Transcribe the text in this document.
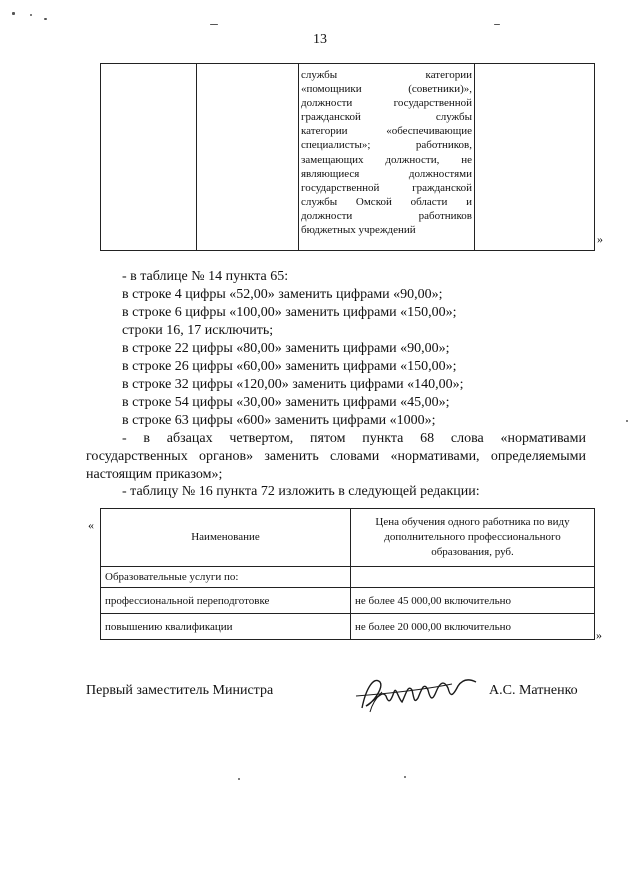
13

службы категории
«помощники (советники)»,
должности государственной
гражданской службы
категории «обеспечивающие
специалисты»; работников,
замещающих должности, не
являющиеся должностями
государственной гражданской
службы Омской области и
должности работников
бюджетных учреждений

»
- в таблице № 14 пункта 65:
в строке 4 цифры «52,00» заменить цифрами «90,00»;
в строке 6 цифры «100,00» заменить цифрами «150,00»;
строки 16, 17 исключить;
в строке 22 цифры «80,00» заменить цифрами «90,00»;
в строке 26 цифры «60,00» заменить цифрами «150,00»;
в строке 32 цифры «120,00» заменить цифрами «140,00»;
в строке 54 цифры «30,00» заменить цифрами «45,00»;
в строке 63 цифры «600» заменить цифрами «1000»;
- в абзацах четвертом, пятом пункта 68 слова «нормативами
государственных органов» заменить словами «нормативами, определяемыми
настоящим приказом»;
- таблицу № 16 пункта 72 изложить в следующей редакции:
«
Наименование	Цена обучения одного работника по виду
дополнительного профессионального
образования, руб.

Образовательные услуги по:	
профессиональной переподготовке	не более 45 000,00 включительно
повышению квалификации	не более 20 000,00 включительно
»
Первый заместитель Министра	А.С. Матненко
